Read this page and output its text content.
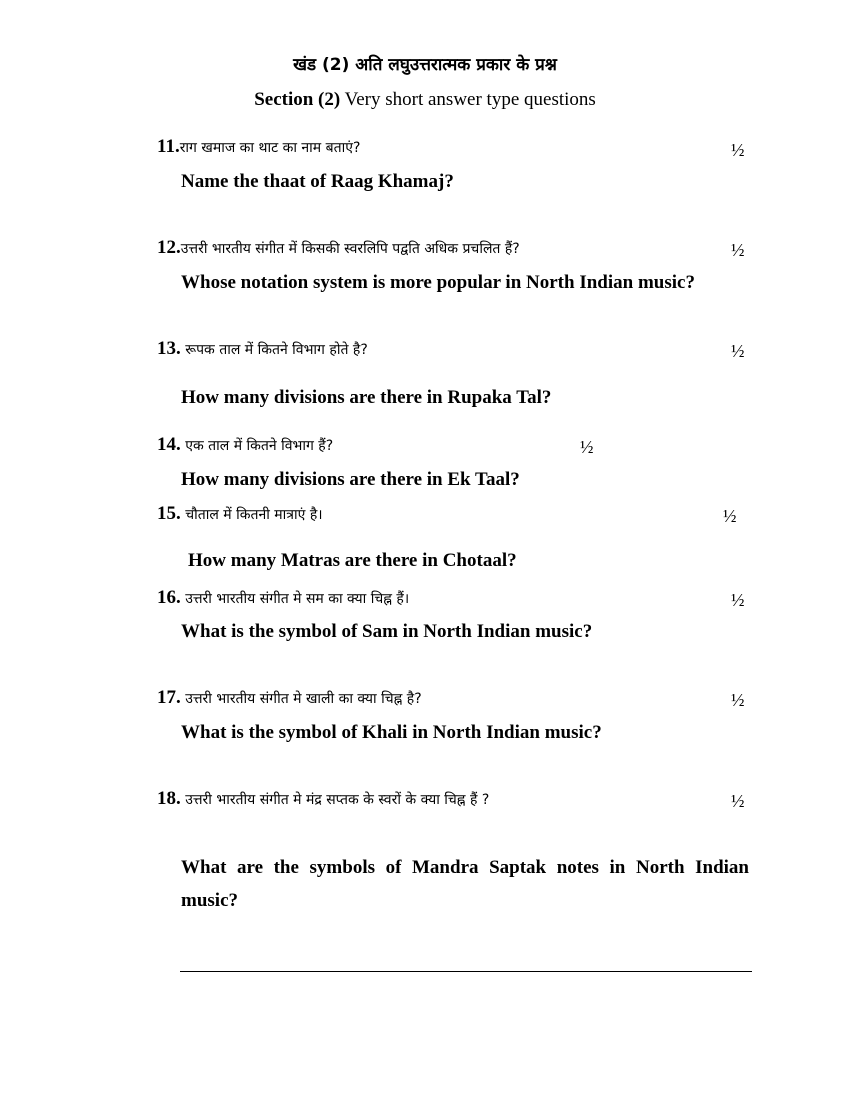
खंड (2) अति लघुउत्तरात्मक प्रकार के प्रश्न
Section (2) Very short answer type questions
11.राग खमाज का थाट का नाम बताएं?	½
Name the thaat of Raag Khamaj?
12.उत्तरी भारतीय संगीत में किसकी स्वरलिपि पद्वति अधिक प्रचलित हैं?	½
Whose notation system is more popular in North Indian music?
13. रूपक ताल में कितने विभाग होते है?	½
How many divisions are there in Rupaka Tal?
14. एक ताल में कितने विभाग हैं?	½
How many divisions are there in Ek Taal?
15. चौताल में कितनी मात्राएं है।	½
How many Matras are there in Chotaal?
16. उत्तरी भारतीय संगीत मे सम का क्या चिह्न हैं।	½
What is the symbol of Sam in North Indian music?
17. उत्तरी भारतीय संगीत मे खाली का क्या चिह्न है?	½
What is the symbol of Khali in North Indian music?
18. उत्तरी भारतीय संगीत मे मंद्र सप्तक के स्वरों के क्या चिह्न हैं ?	½
What are the symbols of Mandra Saptak notes in North Indian music?
